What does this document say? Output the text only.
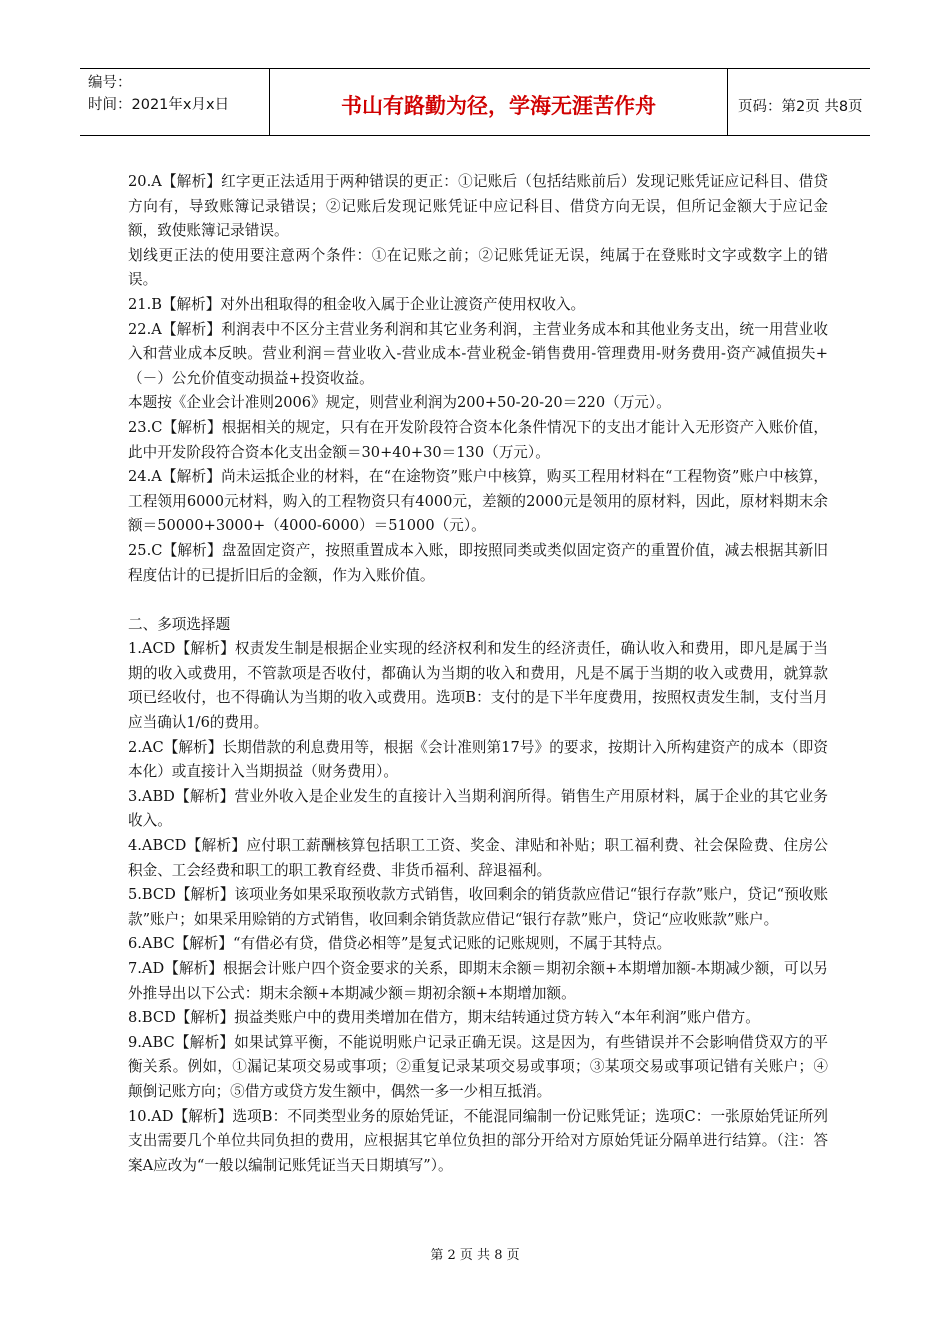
编号：
时间：2021年x月x日	书山有路勤为径，学海无涯苦作舟	页码：第2页 共8页

20.A【解析】红字更正法适用于两种错误的更正：①记账后（包括结账前后）发现记账凭证应记科目、借贷方向有，导致账簿记录错误；②记账后发现记账凭证中应记科目、借贷方向无误，但所记金额大于应记金额，致使账簿记录错误。

划线更正法的使用要注意两个条件：①在记账之前；②记账凭证无误，纯属于在登账时文字或数字上的错误。

21.B【解析】对外出租取得的租金收入属于企业让渡资产使用权收入。

22.A【解析】利润表中不区分主营业务利润和其它业务利润，主营业务成本和其他业务支出，统一用营业收入和营业成本反映。营业利润＝营业收入-营业成本-营业税金-销售费用-管理费用-财务费用-资产减值损失+（－）公允价值变动损益+投资收益。

本题按《企业会计准则2006》规定，则营业利润为200+50-20-20＝220（万元）。

23.C【解析】根据相关的规定，只有在开发阶段符合资本化条件情况下的支出才能计入无形资产入账价值，此中开发阶段符合资本化支出金额＝30+40+30＝130（万元）。

24.A【解析】尚未运抵企业的材料，在“在途物资”账户中核算，购买工程用材料在“工程物资”账户中核算，工程领用6000元材料，购入的工程物资只有4000元，差额的2000元是领用的原材料，因此，原材料期末余额＝50000+3000+（4000-6000）＝51000（元）。

25.C【解析】盘盈固定资产，按照重置成本入账，即按照同类或类似固定资产的重置价值，减去根据其新旧程度估计的已提折旧后的金额，作为入账价值。

二、多项选择题

1.ACD【解析】权责发生制是根据企业实现的经济权利和发生的经济责任，确认收入和费用，即凡是属于当期的收入或费用，不管款项是否收付，都确认为当期的收入和费用，凡是不属于当期的收入或费用，就算款项已经收付，也不得确认为当期的收入或费用。选项B：支付的是下半年度费用，按照权责发生制，支付当月应当确认1/6的费用。

2.AC【解析】长期借款的利息费用等，根据《会计准则第17号》的要求，按期计入所构建资产的成本（即资本化）或直接计入当期损益（财务费用）。

3.ABD【解析】营业外收入是企业发生的直接计入当期利润所得。销售生产用原材料，属于企业的其它业务收入。

4.ABCD【解析】应付职工薪酬核算包括职工工资、奖金、津贴和补贴；职工福利费、社会保险费、住房公积金、工会经费和职工的职工教育经费、非货币福利、辞退福利。

5.BCD【解析】该项业务如果采取预收款方式销售，收回剩余的销货款应借记“银行存款”账户，贷记“预收账款”账户；如果采用赊销的方式销售，收回剩余销货款应借记“银行存款”账户，贷记“应收账款”账户。

6.ABC【解析】“有借必有贷，借贷必相等”是复式记账的记账规则，不属于其特点。

7.AD【解析】根据会计账户四个资金要求的关系，即期末余额＝期初余额+本期增加额-本期减少额，可以另外推导出以下公式：期末余额+本期减少额＝期初余额+本期增加额。

8.BCD【解析】损益类账户中的费用类增加在借方，期末结转通过贷方转入“本年利润”账户借方。

9.ABC【解析】如果试算平衡，不能说明账户记录正确无误。这是因为，有些错误并不会影响借贷双方的平衡关系。例如，①漏记某项交易或事项；②重复记录某项交易或事项；③某项交易或事项记错有关账户；④颠倒记账方向；⑤借方或贷方发生额中，偶然一多一少相互抵消。

10.AD【解析】选项B：不同类型业务的原始凭证，不能混同编制一份记账凭证；选项C：一张原始凭证所列支出需要几个单位共同负担的费用，应根据其它单位负担的部分开给对方原始凭证分隔单进行结算。（注：答案A应改为“一般以编制记账凭证当天日期填写”）。

第 2 页 共 8 页
